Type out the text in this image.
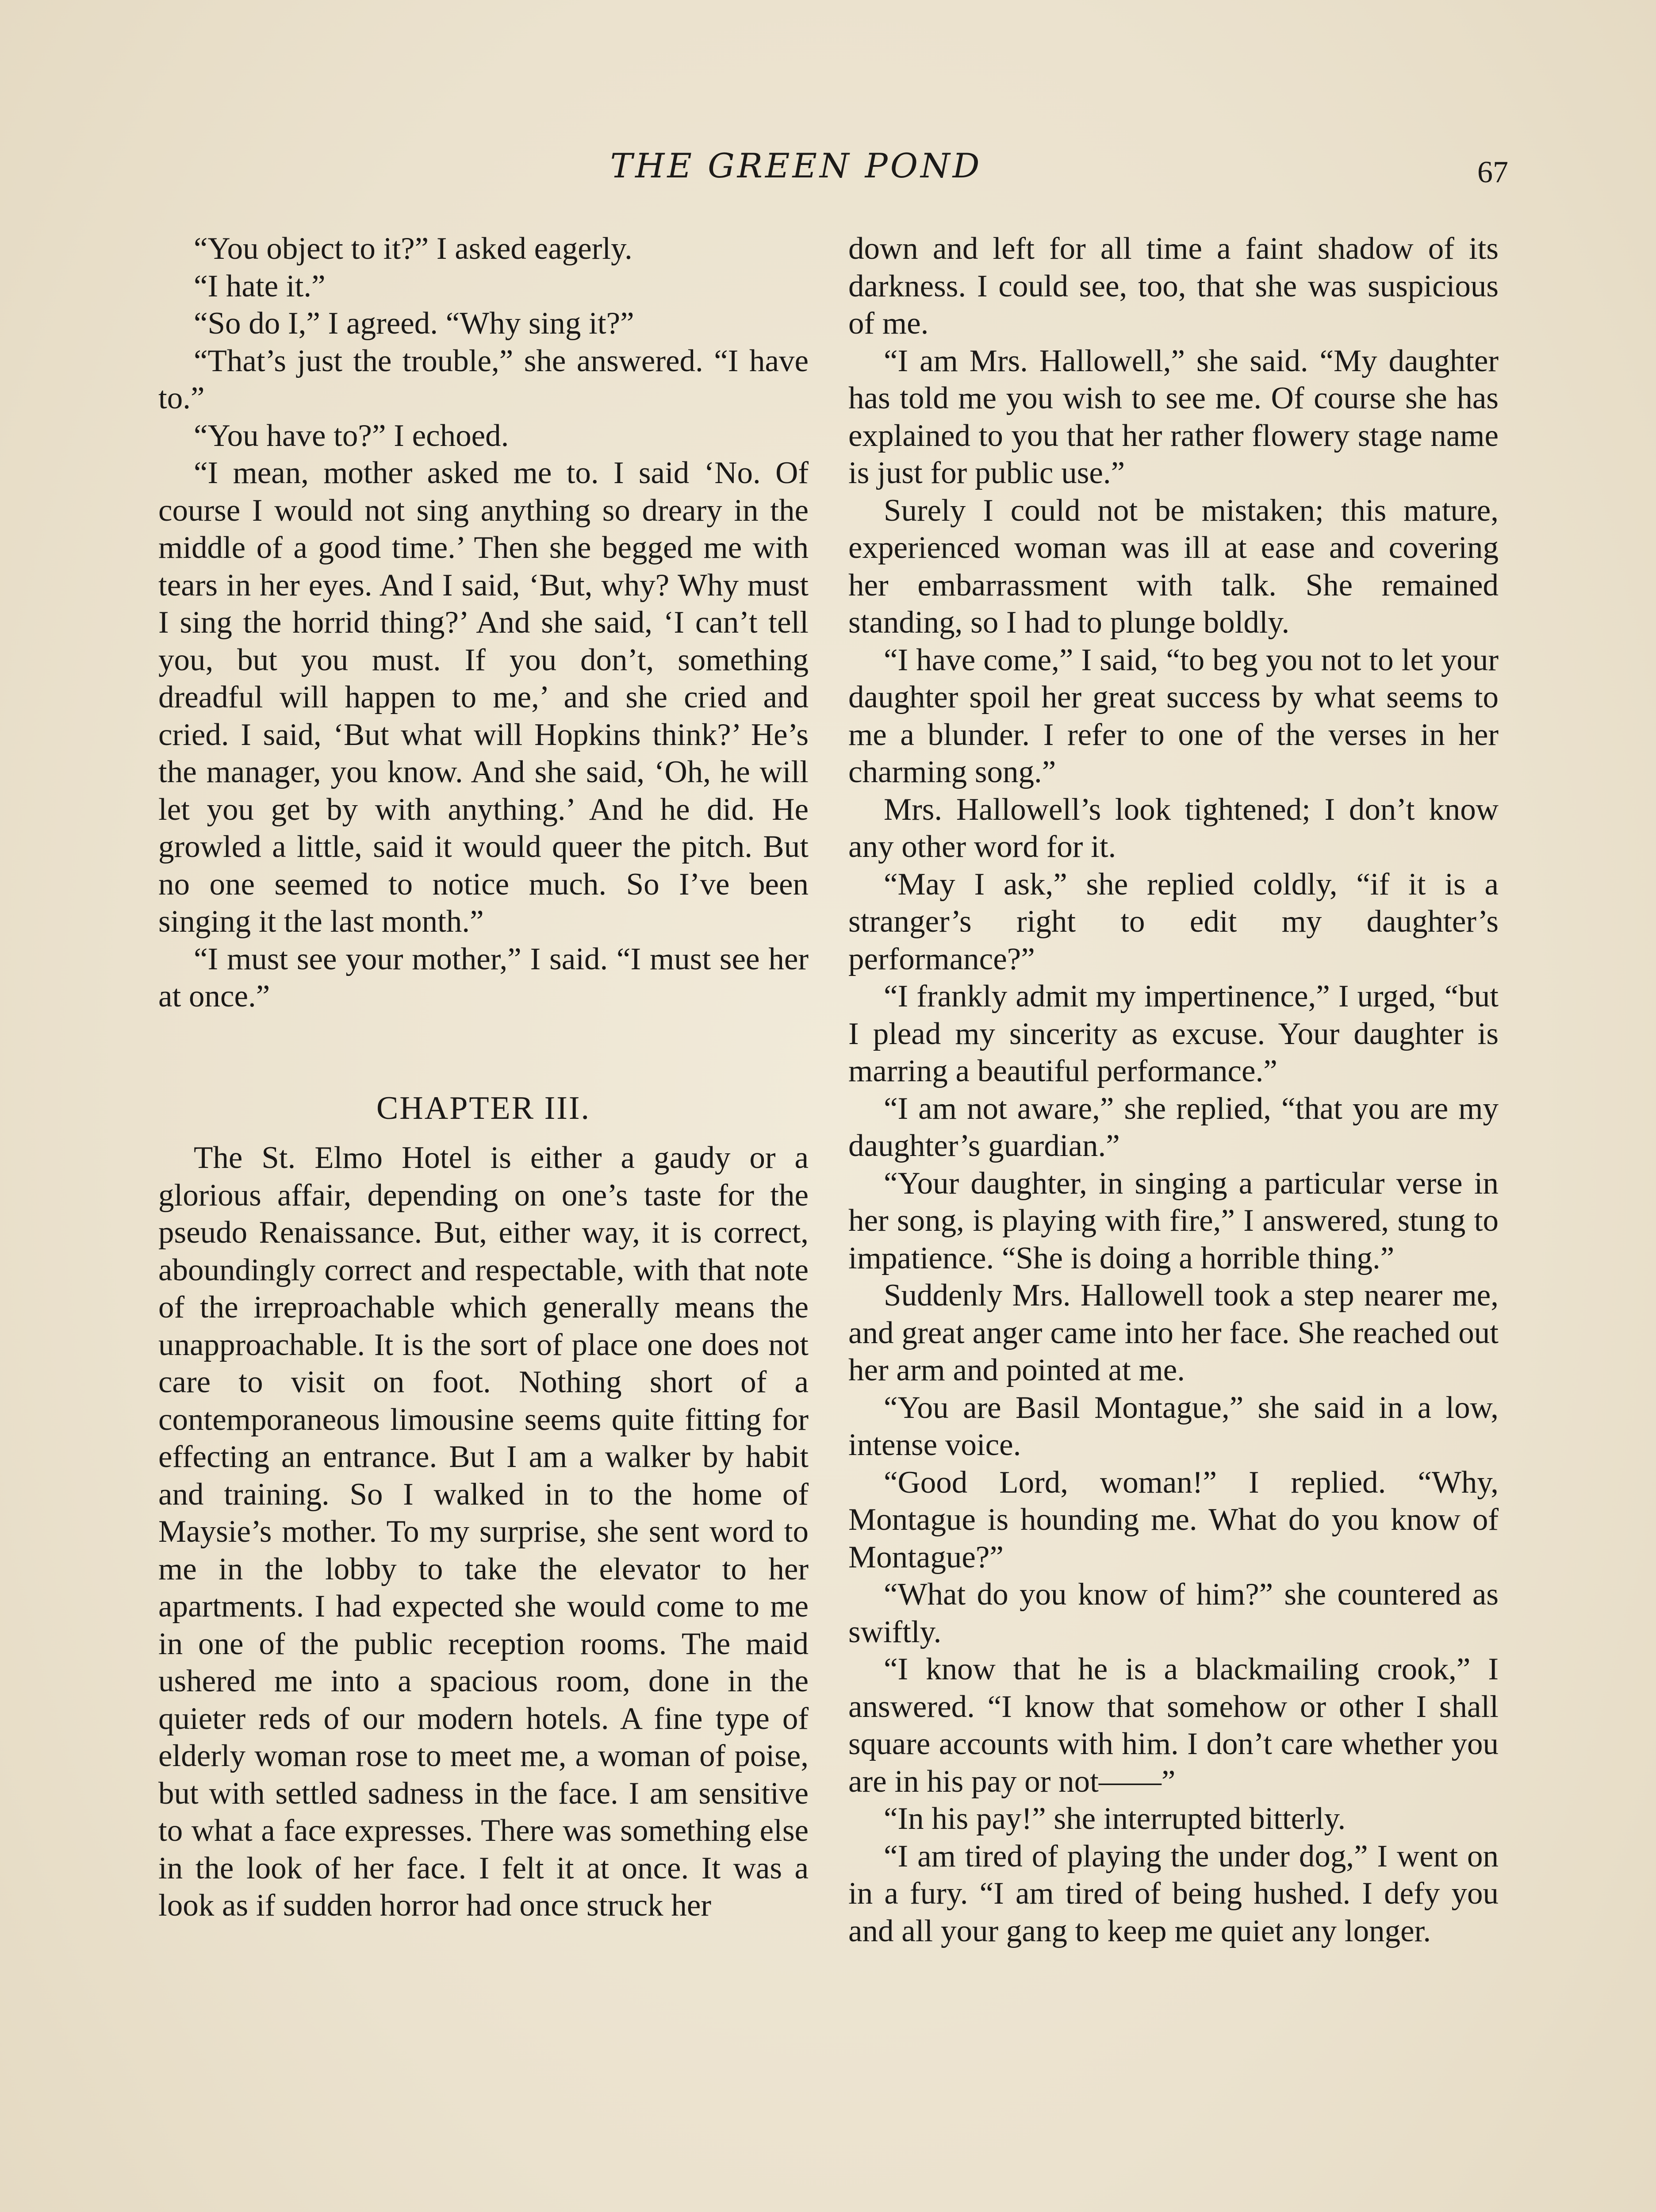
THE GREEN POND	67

“You object to it?” I asked eagerly.

“I hate it.”

“So do I,” I agreed. “Why sing it?”

“That’s just the trouble,” she answered. “I have to.”

“You have to?” I echoed.

“I mean, mother asked me to. I said ‘No. Of course I would not sing anything so dreary in the middle of a good time.’ Then she begged me with tears in her eyes. And I said, ‘But, why? Why must I sing the horrid thing?’ And she said, ‘I can’t tell you, but you must. If you don’t, something dreadful will happen to me,’ and she cried and cried. I said, ‘But what will Hopkins think?’ He’s the manager, you know. And she said, ‘Oh, he will let you get by with anything.’ And he did. He growled a little, said it would queer the pitch. But no one seemed to notice much. So I’ve been singing it the last month.”

“I must see your mother,” I said. “I must see her at once.”

CHAPTER III.

The St. Elmo Hotel is either a gaudy or a glorious affair, depending on one’s taste for the pseudo Renaissance. But, either way, it is correct, aboundingly correct and respectable, with that note of the irreproachable which generally means the unapproachable. It is the sort of place one does not care to visit on foot. Nothing short of a contemporaneous limousine seems quite fitting for effecting an entrance. But I am a walker by habit and training. So I walked in to the home of Maysie’s mother. To my surprise, she sent word to me in the lobby to take the elevator to her apartments. I had expected she would come to me in one of the public reception rooms. The maid ushered me into a spacious room, done in the quieter reds of our modern hotels. A fine type of elderly woman rose to meet me, a woman of poise, but with settled sadness in the face. I am sensitive to what a face expresses. There was something else in the look of her face. I felt it at once. It was a look as if sudden horror had once struck her

down and left for all time a faint shadow of its darkness. I could see, too, that she was suspicious of me.

“I am Mrs. Hallowell,” she said. “My daughter has told me you wish to see me. Of course she has explained to you that her rather flowery stage name is just for public use.”

Surely I could not be mistaken; this mature, experienced woman was ill at ease and covering her embarrassment with talk. She remained standing, so I had to plunge boldly.

“I have come,” I said, “to beg you not to let your daughter spoil her great success by what seems to me a blunder. I refer to one of the verses in her charming song.”

Mrs. Hallowell’s look tightened; I don’t know any other word for it.

“May I ask,” she replied coldly, “if it is a stranger’s right to edit my daughter’s performance?”

“I frankly admit my impertinence,” I urged, “but I plead my sincerity as excuse. Your daughter is marring a beautiful performance.”

“I am not aware,” she replied, “that you are my daughter’s guardian.”

“Your daughter, in singing a particular verse in her song, is playing with fire,” I answered, stung to impatience. “She is doing a horrible thing.”

Suddenly Mrs. Hallowell took a step nearer me, and great anger came into her face. She reached out her arm and pointed at me.

“You are Basil Montague,” she said in a low, intense voice.

“Good Lord, woman!” I replied. “Why, Montague is hounding me. What do you know of Montague?”

“What do you know of him?” she countered as swiftly.

“I know that he is a blackmailing crook,” I answered. “I know that somehow or other I shall square accounts with him. I don’t care whether you are in his pay or not——”

“In his pay!” she interrupted bitterly.

“I am tired of playing the under dog,” I went on in a fury. “I am tired of being hushed. I defy you and all your gang to keep me quiet any longer.
